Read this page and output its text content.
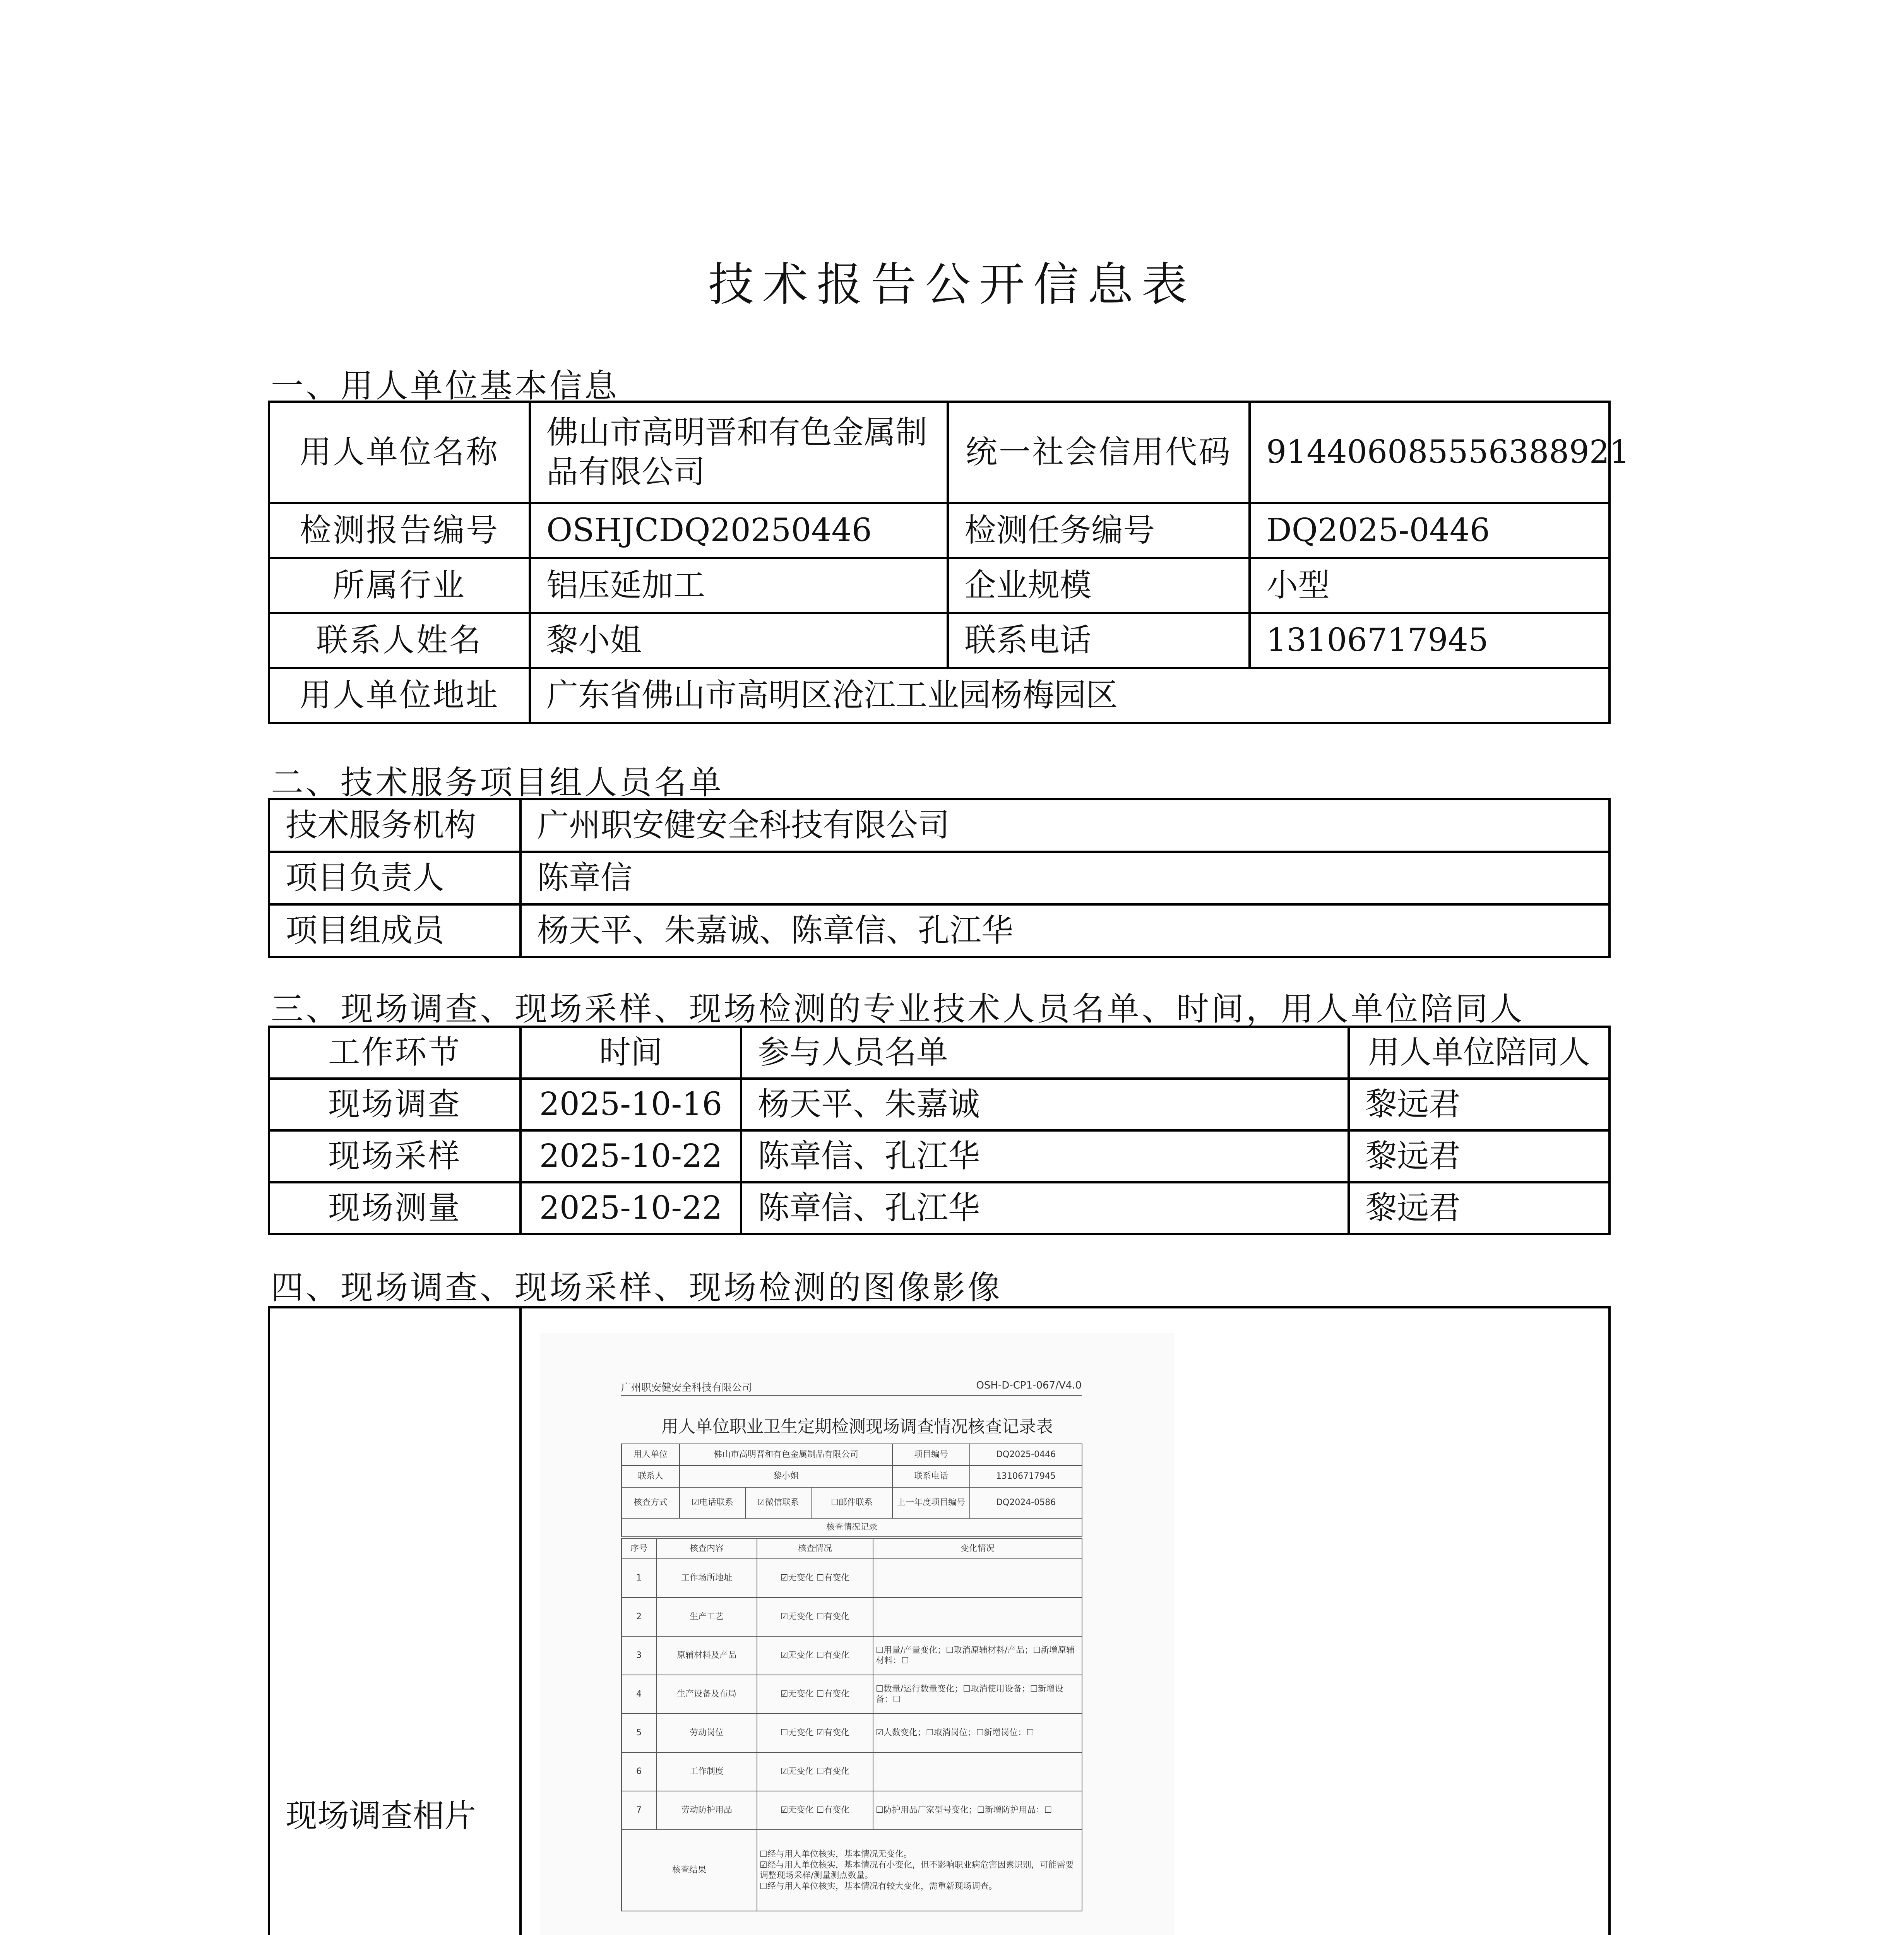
技术报告公开信息表
一、用人单位基本信息
用人单位名称	佛山市高明晋和有色金属制品有限公司	统一社会信用代码	914406085556388921
检测报告编号	OSHJCDQ20250446	检测任务编号	DQ2025-0446
所属行业	铝压延加工	企业规模	小型
联系人姓名	黎小姐	联系电话	13106717945
用人单位地址	广东省佛山市高明区沧江工业园杨梅园区		
二、技术服务项目组人员名单
技术服务机构	广州职安健安全科技有限公司
项目负责人	陈章信
项目组成员	杨天平、朱嘉诚、陈章信、孔江华
三、现场调查、现场采样、现场检测的专业技术人员名单、时间，用人单位陪同人
工作环节	时间	参与人员名单	用人单位陪同人
现场调查	2025-10-16	杨天平、朱嘉诚	黎远君
现场采样	2025-10-22	陈章信、孔江华	黎远君
现场测量	2025-10-22	陈章信、孔江华	黎远君
四、现场调查、现场采样、现场检测的图像影像
现场调查相片	
广州职安健安全科技有限公司	OSH-D-CP1-067/V4.0
用人单位职业卫生定期检测现场调查情况核查记录表
用人单位	佛山市高明晋和有色金属制品有限公司			项目编号	DQ2025-0446
联系人	黎小姐			联系电话	13106717945
核查方式	☑电话联系	☑微信联系	☐邮件联系	上一年度项目编号	DQ2024-0586
核查情况记录					
序号	核查内容	核查情况	变化情况
1	工作场所地址	☑无变化 ☐有变化	
2	生产工艺	☑无变化 ☐有变化	
3	原辅材料及产品	☑无变化 ☐有变化	☐用量/产量变化；☐取消原辅材料/产品；☐新增原辅材料：☐
4	生产设备及布局	☑无变化 ☐有变化	☐数量/运行数量变化；☐取消使用设备；☐新增设备：☐
5	劳动岗位	☐无变化 ☑有变化	☑人数变化；☐取消岗位；☐新增岗位：☐
6	工作制度	☑无变化 ☐有变化	
7	劳动防护用品	☑无变化 ☐有变化	☐防护用品厂家型号变化；☐新增防护用品：☐
核查结果		☐经与用人单位核实，基本情况无变化。
☑经与用人单位核实，基本情况有小变化，但不影响职业病危害因素识别，可能需要调整现场采样/测量测点数量。
☐经与用人单位核实，基本情况有较大变化，需重新现场调查。	
